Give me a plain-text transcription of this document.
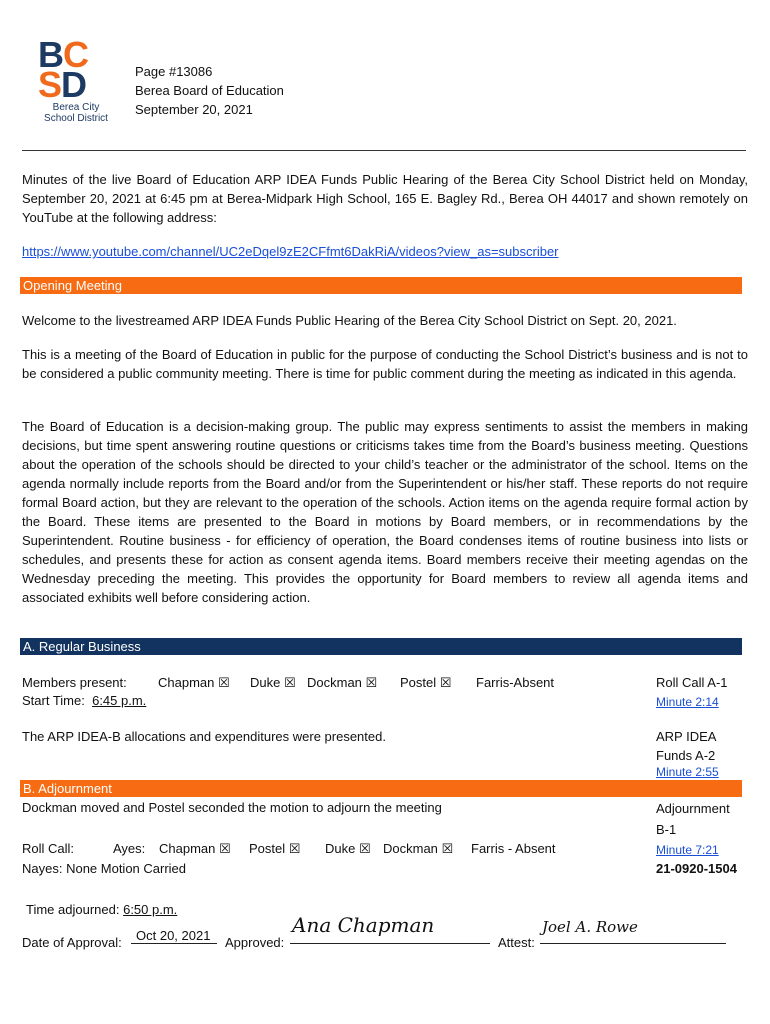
B C
S D
Berea City
School District
Page #13086
Berea Board of Education
September 20, 2021
Minutes of the live Board of Education ARP IDEA Funds Public Hearing of the Berea City School District held on Monday, September 20, 2021 at 6:45 pm at Berea-Midpark High School, 165 E. Bagley Rd., Berea OH 44017 and shown remotely on YouTube at the following address:
https://www.youtube.com/channel/UC2eDqel9zE2CFfmt6DakRiA/videos?view_as=subscriber
Opening Meeting
Welcome to the livestreamed ARP IDEA Funds Public Hearing of the Berea City School District on Sept. 20, 2021.
This is a meeting of the Board of Education in public for the purpose of conducting the School District’s business and is not to be considered a public community meeting. There is time for public comment during the meeting as indicated in this agenda.
The Board of Education is a decision-making group. The public may express sentiments to assist the members in making decisions, but time spent answering routine questions or criticisms takes time from the Board’s business meeting. Questions about the operation of the schools should be directed to your child’s teacher or the administrator of the school. Items on the agenda normally include reports from the Board and/or from the Superintendent or his/her staff. These reports do not require formal Board action, but they are relevant to the operation of the schools. Action items on the agenda require formal action by the Board. These items are presented to the Board in motions by Board members, or in recommendations by the Superintendent. Routine business - for efficiency of operation, the Board condenses items of routine business into lists or schedules, and presents these for action as consent agenda items. Board members receive their meeting agendas on the Wednesday preceding the meeting. This provides the opportunity for Board members to review all agenda items and associated exhibits well before considering action.
A. Regular Business
Members present: Chapman ☒ Duke ☒ Dockman ☒ Postel ☒ Farris-Absent
Start Time: 6:45 p.m.
Roll Call A-1
Minute 2:14
The ARP IDEA-B allocations and expenditures were presented.	ARP IDEA
Funds A-2
Minute 2:55
B. Adjournment
Dockman moved and Postel seconded the motion to adjourn the meeting	Adjournment
B-1
Roll Call:	Ayes: Chapman ☒ Postel ☒ Duke ☒ Dockman ☒ Farris - Absent
Nayes: None Motion Carried
Minute 7:21
21-0920-1504
Time adjourned: 6:50 p.m.
Date of Approval: Oct 20, 2021 Approved:
Ana Chapman
Attest:
Joel A. Rowe
